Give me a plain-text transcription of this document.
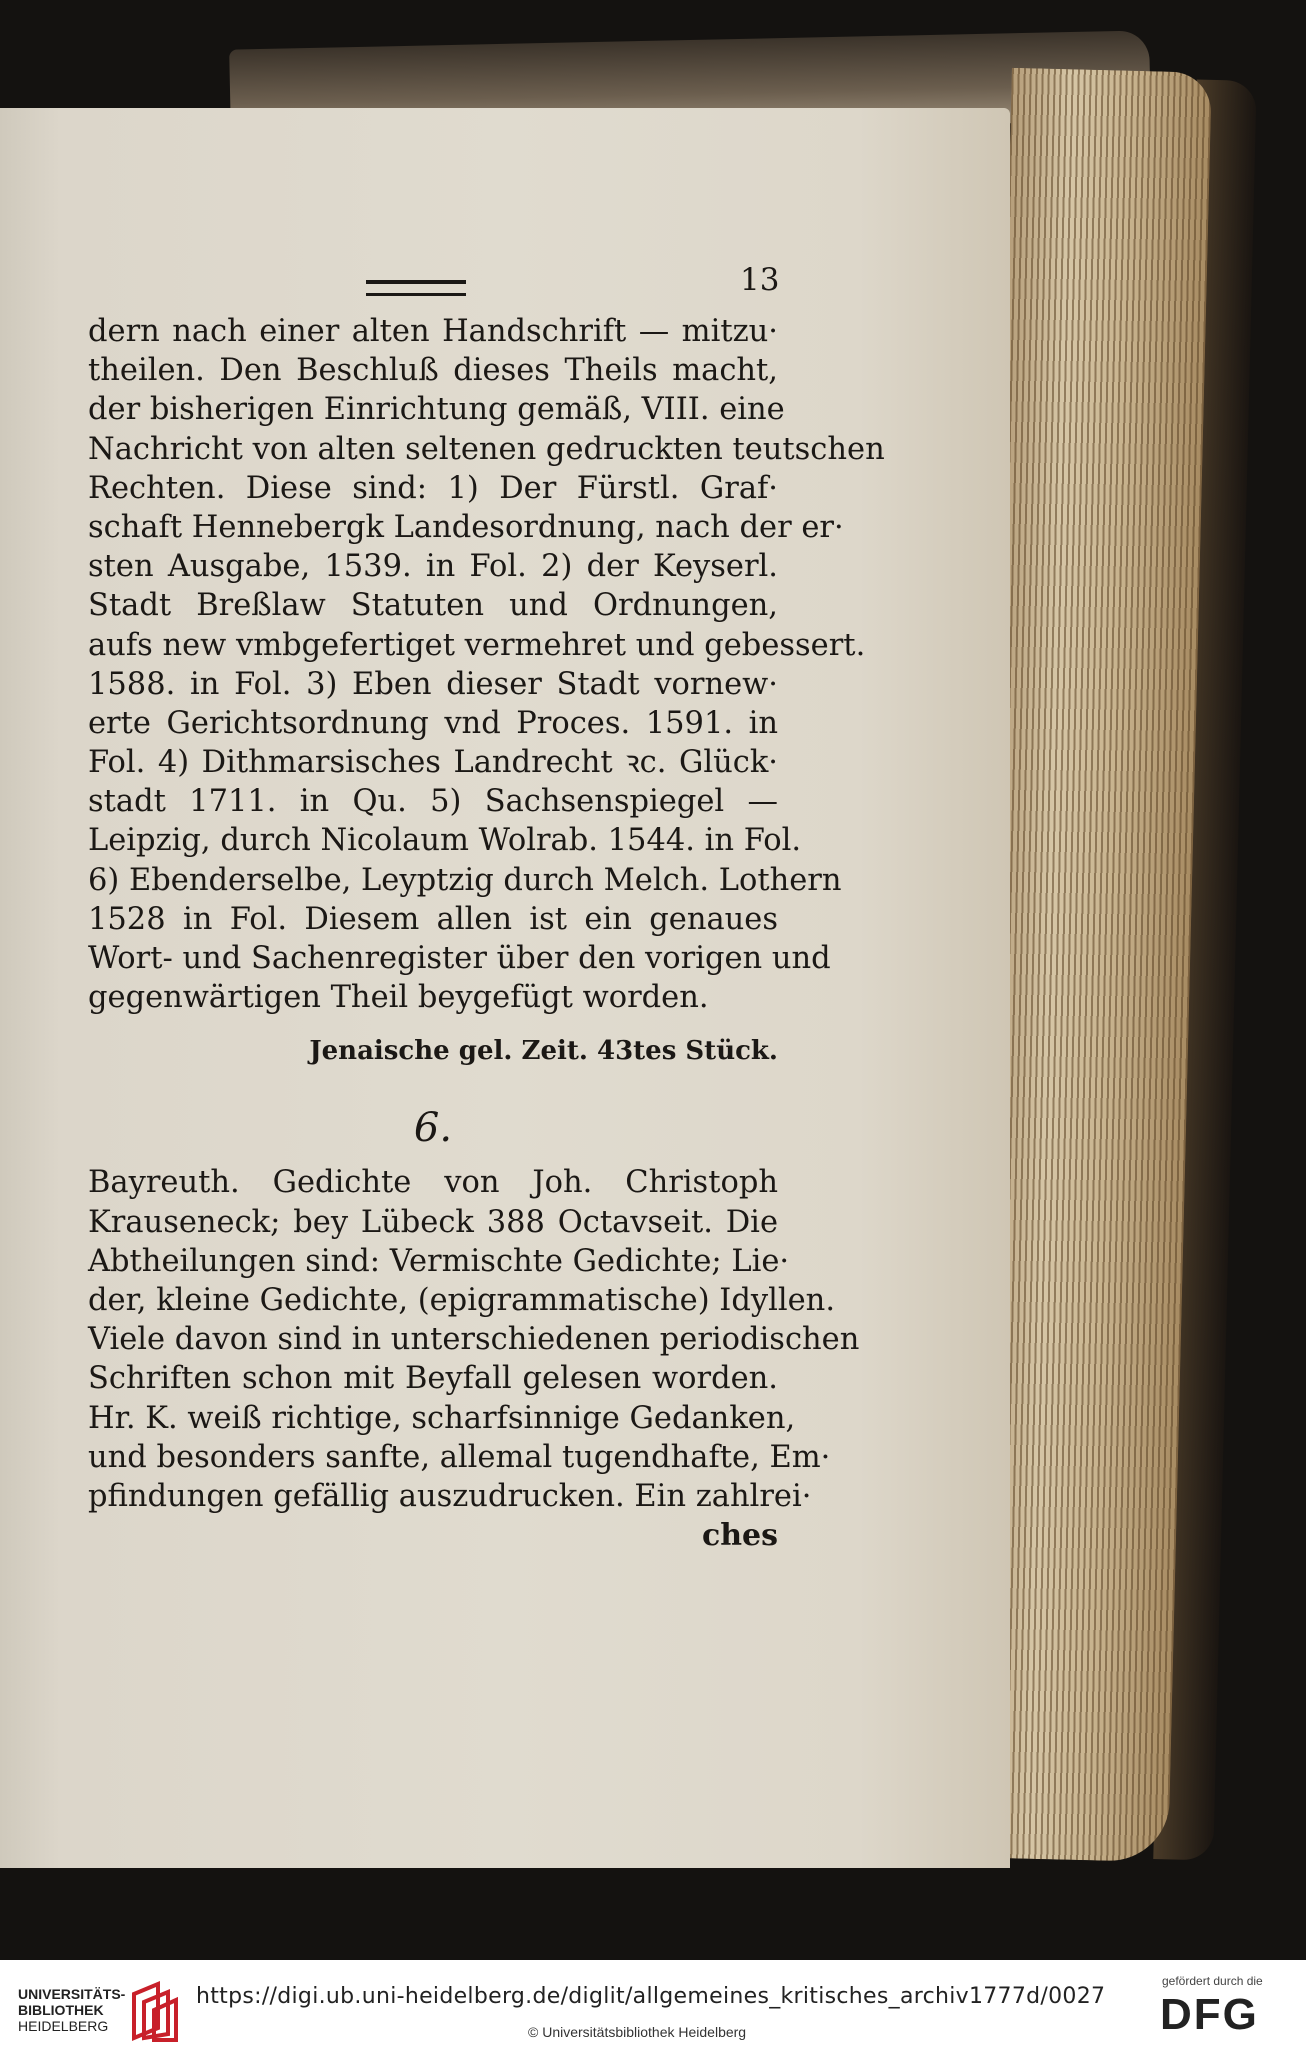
13
dern nach einer alten Handschrift — mitzu·
theilen. Den Beschluß dieses Theils macht,
der bisherigen Einrichtung gemäß, VIII. eine
Nachricht von alten seltenen gedruckten teutschen
Rechten. Diese sind: 1) Der Fürstl. Graf·
schaft Hennebergk Landesordnung, nach der er·
sten Ausgabe, 1539. in Fol. 2) der Keyserl.
Stadt Breßlaw Statuten und Ordnungen,
aufs new vmbgefertiget vermehret und gebessert.
1588. in Fol. 3) Eben dieser Stadt vornew·
erte Gerichtsordnung vnd Proces. 1591. in
Fol. 4) Dithmarsisches Landrecht ꝛc. Glück·
stadt 1711. in Qu. 5) Sachsenspiegel —
Leipzig, durch Nicolaum Wolrab. 1544. in Fol.
6) Ebenderselbe, Leyptzig durch Melch. Lothern
1528 in Fol. Diesem allen ist ein genaues
Wort- und Sachenregister über den vorigen und
gegenwärtigen Theil beygefügt worden.
Jenaische gel. Zeit. 43tes Stück.
6.
Bayreuth. Gedichte von Joh. Christoph
Krauseneck; bey Lübeck 388 Octavseit. Die
Abtheilungen sind: Vermischte Gedichte; Lie·
der, kleine Gedichte, (epigrammatische) Idyllen.
Viele davon sind in unterschiedenen periodischen
Schriften schon mit Beyfall gelesen worden.
Hr. K. weiß richtige, scharfsinnige Gedanken,
und besonders sanfte, allemal tugendhafte, Em·
pfindungen gefällig auszudrucken. Ein zahlrei·
ches
UNIVERSITÄTS-
BIBLIOTHEK
HEIDELBERG
https://digi.ub.uni-heidelberg.de/diglit/allgemeines_kritisches_archiv1777d/0027
© Universitätsbibliothek Heidelberg
gefördert durch die
DFG
